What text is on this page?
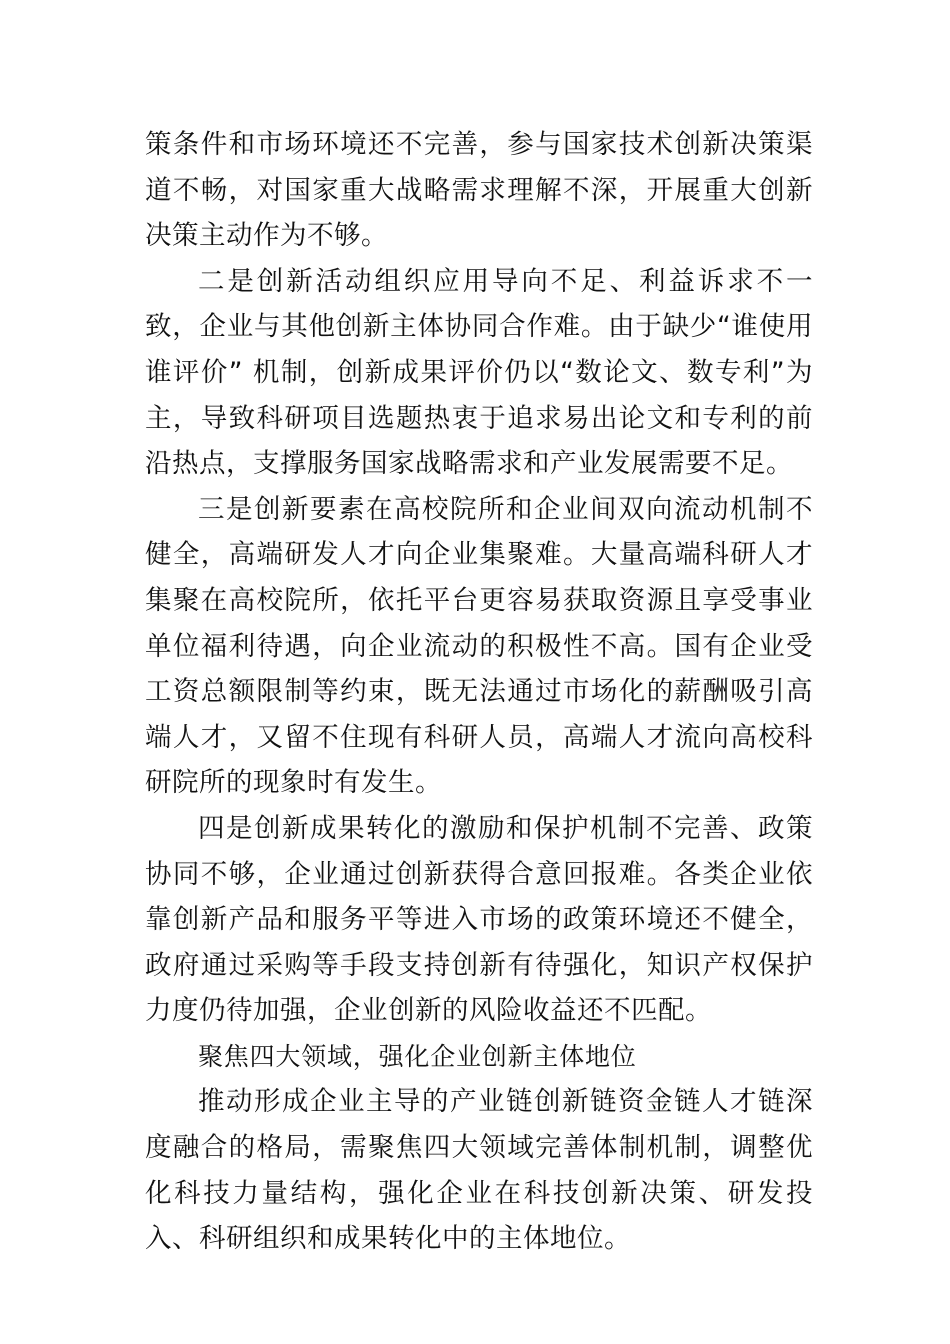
策条件和市场环境还不完善，参与国家技术创新决策渠道不畅，对国家重大战略需求理解不深，开展重大创新决策主动作为不够。

二是创新活动组织应用导向不足、利益诉求不一致，企业与其他创新主体协同合作难。由于缺少“谁使用谁评价” 机制，创新成果评价仍以“数论文、数专利”为主，导致科研项目选题热衷于追求易出论文和专利的前沿热点，支撑服务国家战略需求和产业发展需要不足。

三是创新要素在高校院所和企业间双向流动机制不健全，高端研发人才向企业集聚难。大量高端科研人才集聚在高校院所，依托平台更容易获取资源且享受事业单位福利待遇，向企业流动的积极性不高。国有企业受工资总额限制等约束，既无法通过市场化的薪酬吸引高端人才，又留不住现有科研人员，高端人才流向高校科研院所的现象时有发生。

四是创新成果转化的激励和保护机制不完善、政策协同不够，企业通过创新获得合意回报难。各类企业依靠创新产品和服务平等进入市场的政策环境还不健全，政府通过采购等手段支持创新有待强化，知识产权保护力度仍待加强，企业创新的风险收益还不匹配。

聚焦四大领域，强化企业创新主体地位

推动形成企业主导的产业链创新链资金链人才链深度融合的格局，需聚焦四大领域完善体制机制，调整优化科技力量结构，强化企业在科技创新决策、研发投入、科研组织和成果转化中的主体地位。
